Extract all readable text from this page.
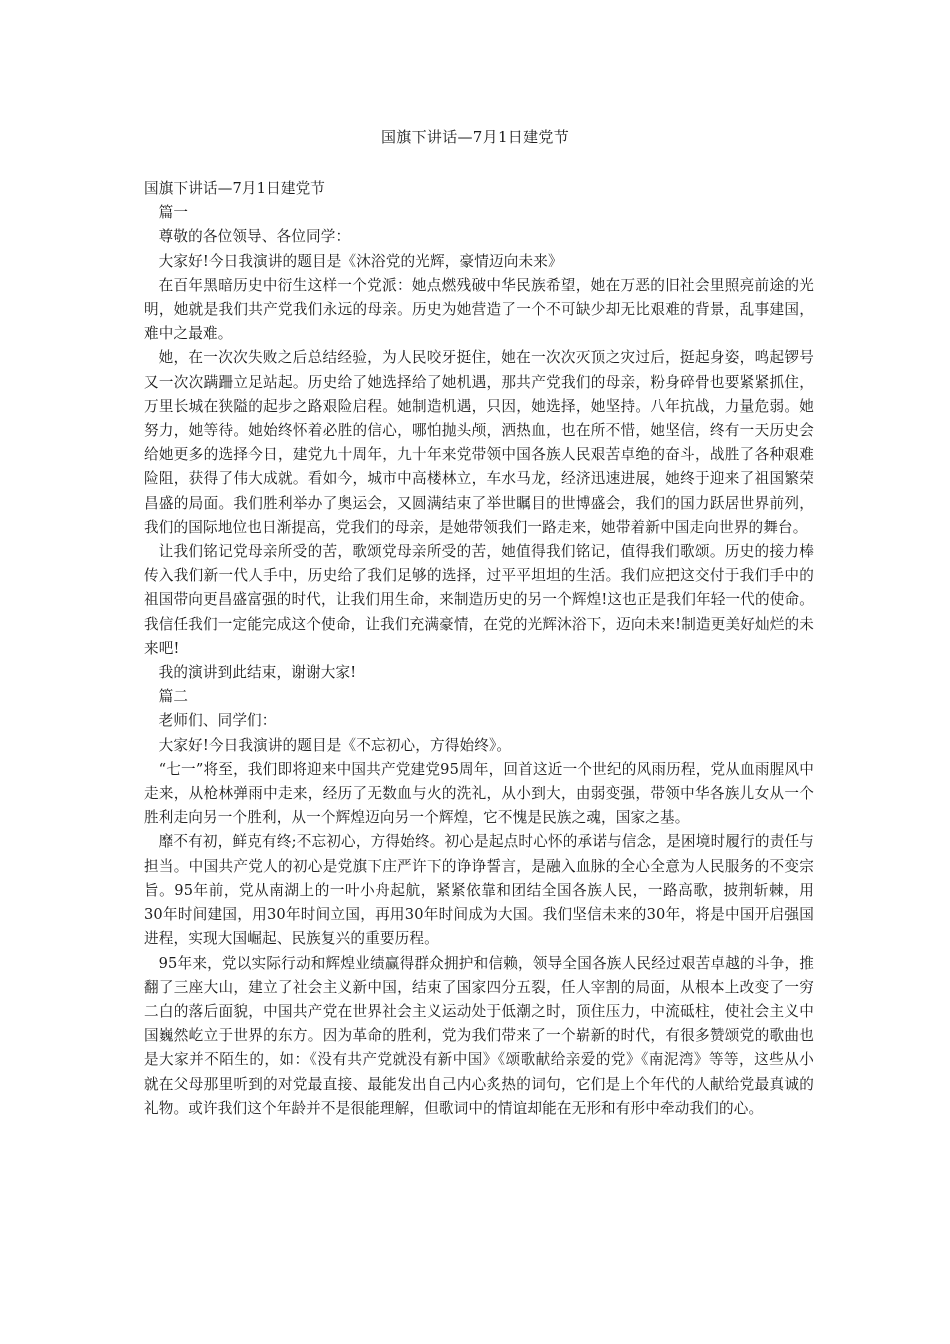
国旗下讲话—7月1日建党节

国旗下讲话—7月1日建党节

篇一

尊敬的各位领导、各位同学：

大家好!今日我演讲的题目是《沐浴党的光辉，豪情迈向未来》

在百年黑暗历史中衍生这样一个党派：她点燃残破中华民族希望，她在万恶的旧社会里照亮前途的光明，她就是我们共产党我们永远的母亲。历史为她营造了一个不可缺少却无比艰难的背景，乱事建国，难中之最难。

她，在一次次失败之后总结经验，为人民咬牙挺住，她在一次次灭顶之灾过后，挺起身姿，鸣起锣号又一次次蹒跚立足站起。历史给了她选择给了她机遇，那共产党我们的母亲，粉身碎骨也要紧紧抓住，万里长城在狭隘的起步之路艰险启程。她制造机遇，只因，她选择，她坚持。八年抗战，力量危弱。她努力，她等待。她始终怀着必胜的信心，哪怕抛头颅，洒热血，也在所不惜，她坚信，终有一天历史会给她更多的选择今日，建党九十周年，九十年来党带领中国各族人民艰苦卓绝的奋斗，战胜了各种艰难险阻，获得了伟大成就。看如今，城市中高楼林立，车水马龙，经济迅速进展，她终于迎来了祖国繁荣昌盛的局面。我们胜利举办了奥运会，又圆满结束了举世瞩目的世博盛会，我们的国力跃居世界前列，我们的国际地位也日渐提高，党我们的母亲，是她带领我们一路走来，她带着新中国走向世界的舞台。

让我们铭记党母亲所受的苦，歌颂党母亲所受的苦，她值得我们铭记，值得我们歌颂。历史的接力棒传入我们新一代人手中，历史给了我们足够的选择，过平平坦坦的生活。我们应把这交付于我们手中的祖国带向更昌盛富强的时代，让我们用生命，来制造历史的另一个辉煌!这也正是我们年轻一代的使命。我信任我们一定能完成这个使命，让我们充满豪情，在党的光辉沐浴下，迈向未来!制造更美好灿烂的未来吧!

我的演讲到此结束，谢谢大家!

篇二

老师们、同学们：

大家好!今日我演讲的题目是《不忘初心，方得始终》。

“七一”将至，我们即将迎来中国共产党建党95周年，回首这近一个世纪的风雨历程，党从血雨腥风中走来，从枪林弹雨中走来，经历了无数血与火的洗礼，从小到大，由弱变强，带领中华各族儿女从一个胜利走向另一个胜利，从一个辉煌迈向另一个辉煌，它不愧是民族之魂，国家之基。

靡不有初，鲜克有终;不忘初心，方得始终。初心是起点时心怀的承诺与信念，是困境时履行的责任与担当。中国共产党人的初心是党旗下庄严许下的诤诤誓言，是融入血脉的全心全意为人民服务的不变宗旨。95年前，党从南湖上的一叶小舟起航，紧紧依靠和团结全国各族人民，一路高歌，披荆斩棘，用30年时间建国，用30年时间立国，再用30年时间成为大国。我们坚信未来的30年，将是中国开启强国进程，实现大国崛起、民族复兴的重要历程。

95年来，党以实际行动和辉煌业绩赢得群众拥护和信赖，领导全国各族人民经过艰苦卓越的斗争，推翻了三座大山，建立了社会主义新中国，结束了国家四分五裂，任人宰割的局面，从根本上改变了一穷二白的落后面貌，中国共产党在世界社会主义运动处于低潮之时，顶住压力，中流砥柱，使社会主义中国巍然屹立于世界的东方。因为革命的胜利，党为我们带来了一个崭新的时代，有很多赞颂党的歌曲也是大家并不陌生的，如：《没有共产党就没有新中国》《颂歌献给亲爱的党》《南泥湾》等等，这些从小就在父母那里听到的对党最直接、最能发出自己内心炙热的词句，它们是上个年代的人献给党最真诚的礼物。或许我们这个年龄并不是很能理解，但歌词中的情谊却能在无形和有形中牵动我们的心。
